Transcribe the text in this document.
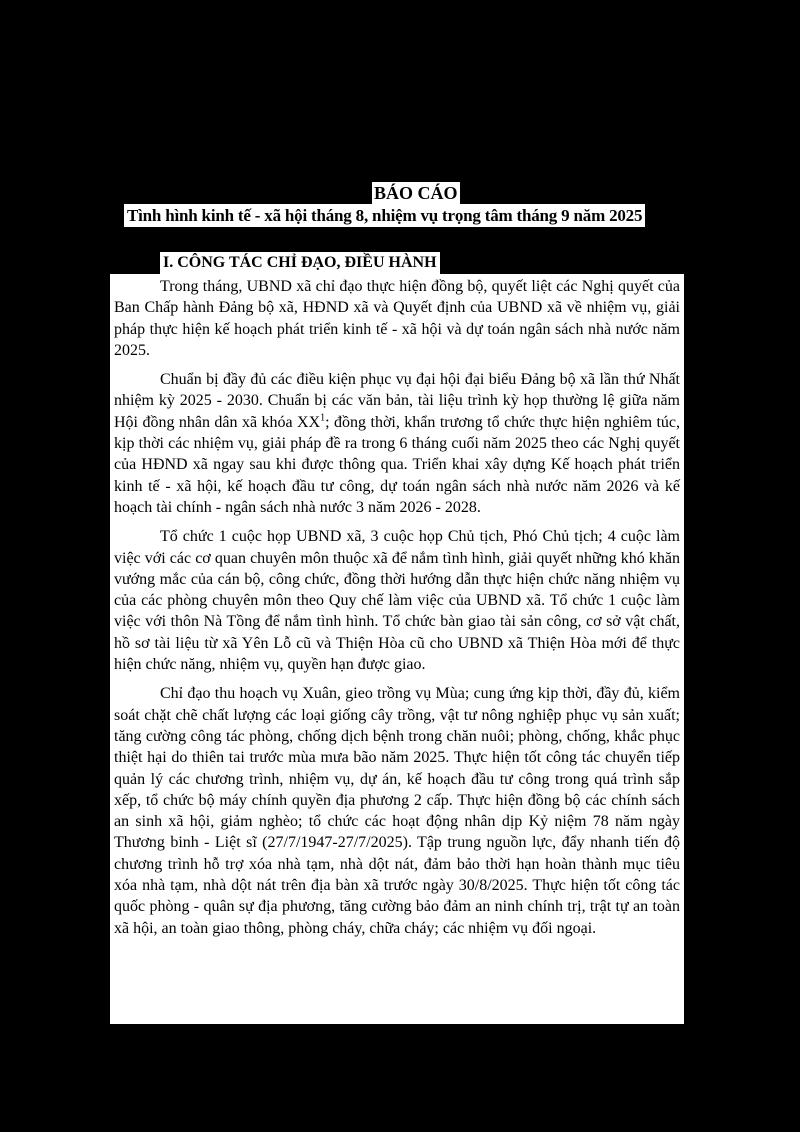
BÁO CÁO
Tình hình kinh tế - xã hội tháng 8, nhiệm vụ trọng tâm tháng 9 năm 2025
I. CÔNG TÁC CHỈ ĐẠO, ĐIỀU HÀNH

Trong tháng, UBND xã chỉ đạo thực hiện đồng bộ, quyết liệt các Nghị quyết của Ban Chấp hành Đảng bộ xã, HĐND xã và Quyết định của UBND xã về nhiệm vụ, giải pháp thực hiện kế hoạch phát triển kinh tế - xã hội và dự toán ngân sách nhà nước năm 2025.

Chuẩn bị đầy đủ các điều kiện phục vụ đại hội đại biểu Đảng bộ xã lần thứ Nhất nhiệm kỳ 2025 - 2030. Chuẩn bị các văn bản, tài liệu trình kỳ họp thường lệ giữa năm Hội đồng nhân dân xã khóa $XX^1$; đồng thời, khẩn trương tổ chức thực hiện nghiêm túc, kịp thời các nhiệm vụ, giải pháp đề ra trong 6 tháng cuối năm 2025 theo các Nghị quyết của HĐND xã ngay sau khi được thông qua. Triển khai xây dựng Kế hoạch phát triển kinh tế - xã hội, kế hoạch đầu tư công, dự toán ngân sách nhà nước năm 2026 và kế hoạch tài chính - ngân sách nhà nước 3 năm 2026 - 2028.

Tổ chức 1 cuộc họp UBND xã, 3 cuộc họp Chủ tịch, Phó Chủ tịch; 4 cuộc làm việc với các cơ quan chuyên môn thuộc xã để nắm tình hình, giải quyết những khó khăn vướng mắc của cán bộ, công chức, đồng thời hướng dẫn thực hiện chức năng nhiệm vụ của các phòng chuyên môn theo Quy chế làm việc của UBND xã. Tổ chức 1 cuộc làm việc với thôn Nà Tồng để nắm tình hình. Tổ chức bàn giao tài sản công, cơ sở vật chất, hồ sơ tài liệu từ xã Yên Lỗ cũ và Thiện Hòa cũ cho UBND xã Thiện Hòa mới để thực hiện chức năng, nhiệm vụ, quyền hạn được giao.

Chỉ đạo thu hoạch vụ Xuân, gieo trồng vụ Mùa; cung ứng kịp thời, đầy đủ, kiểm soát chặt chẽ chất lượng các loại giống cây trồng, vật tư nông nghiệp phục vụ sản xuất; tăng cường công tác phòng, chống dịch bệnh trong chăn nuôi; phòng, chống, khắc phục thiệt hại do thiên tai trước mùa mưa bão năm 2025. Thực hiện tốt công tác chuyển tiếp quản lý các chương trình, nhiệm vụ, dự án, kế hoạch đầu tư công trong quá trình sắp xếp, tổ chức bộ máy chính quyền địa phương 2 cấp. Thực hiện đồng bộ các chính sách an sinh xã hội, giảm nghèo; tổ chức các hoạt động nhân dịp Kỷ niệm 78 năm ngày Thương binh - Liệt sĩ (27/7/1947-27/7/2025). Tập trung nguồn lực, đẩy nhanh tiến độ chương trình hỗ trợ xóa nhà tạm, nhà dột nát, đảm bảo thời hạn hoàn thành mục tiêu xóa nhà tạm, nhà dột nát trên địa bàn xã trước ngày 30/8/2025. Thực hiện tốt công tác quốc phòng - quân sự địa phương, tăng cường bảo đảm an ninh chính trị, trật tự an toàn xã hội, an toàn giao thông, phòng cháy, chữa cháy; các nhiệm vụ đối ngoại.
